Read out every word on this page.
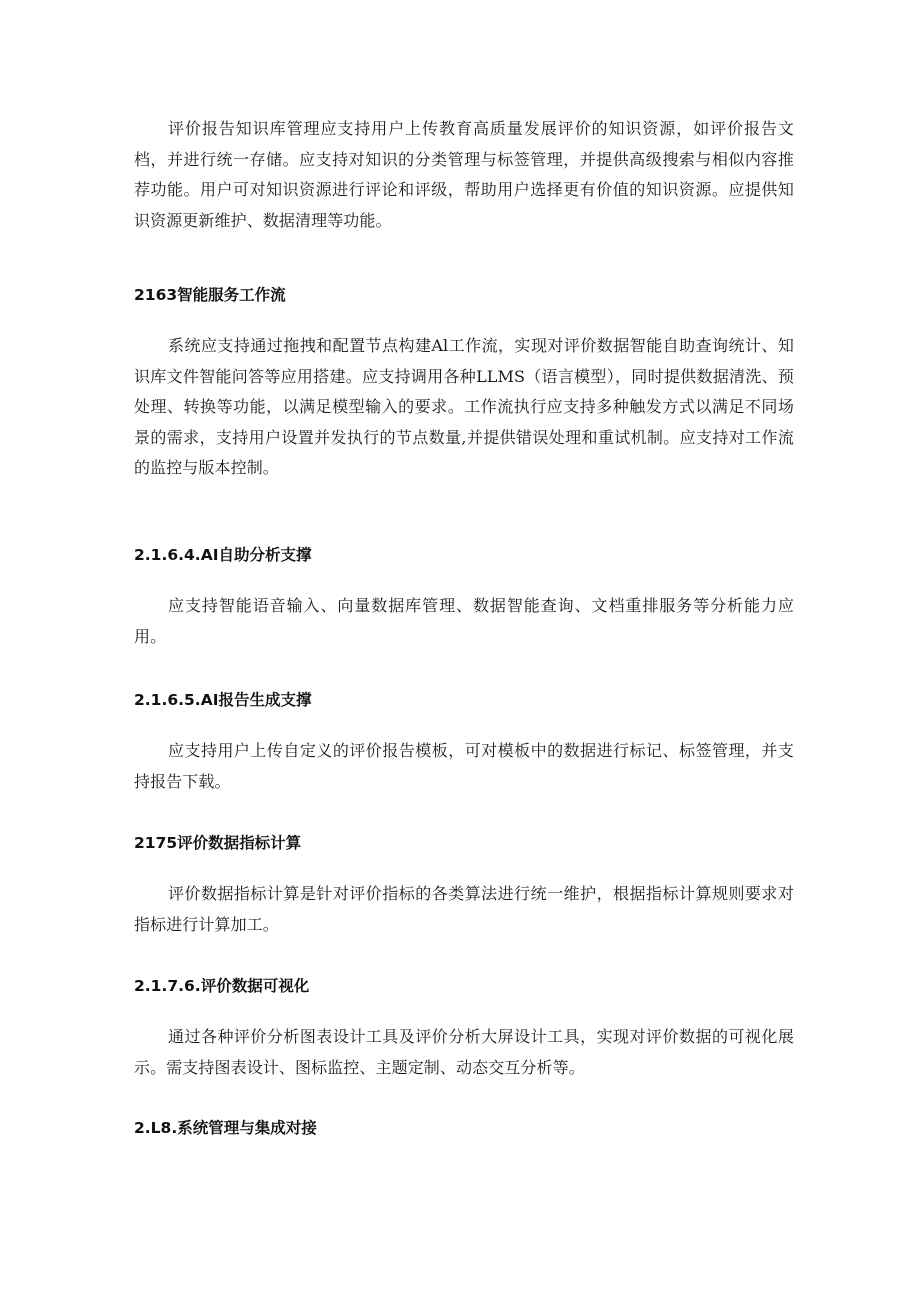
评价报告知识库管理应支持用户上传教育高质量发展评价的知识资源，如评价报告文档，并进行统一存储。应支持对知识的分类管理与标签管理，并提供高级搜索与相似内容推荐功能。用户可对知识资源进行评论和评级，帮助用户选择更有价值的知识资源。应提供知识资源更新维护、数据清理等功能。

2163智能服务工作流

系统应支持通过拖拽和配置节点构建Al工作流，实现对评价数据智能自助查询统计、知识库文件智能问答等应用搭建。应支持调用各种LLMS（语言模型），同时提供数据清洗、预处理、转换等功能，以满足模型输入的要求。工作流执行应支持多种触发方式以满足不同场景的需求，支持用户设置并发执行的节点数量,并提供错误处理和重试机制。应支持对工作流的监控与版本控制。

2.1.6.4.AI自助分析支撑

应支持智能语音输入、向量数据库管理、数据智能查询、文档重排服务等分析能力应用。

2.1.6.5.AI报告生成支撑

应支持用户上传自定义的评价报告模板，可对模板中的数据进行标记、标签管理，并支持报告下载。

2175评价数据指标计算

评价数据指标计算是针对评价指标的各类算法进行统一维护，根据指标计算规则要求对指标进行计算加工。

2.1.7.6.评价数据可视化

通过各种评价分析图表设计工具及评价分析大屏设计工具，实现对评价数据的可视化展示。需支持图表设计、图标监控、主题定制、动态交互分析等。

2.L8.系统管理与集成对接
